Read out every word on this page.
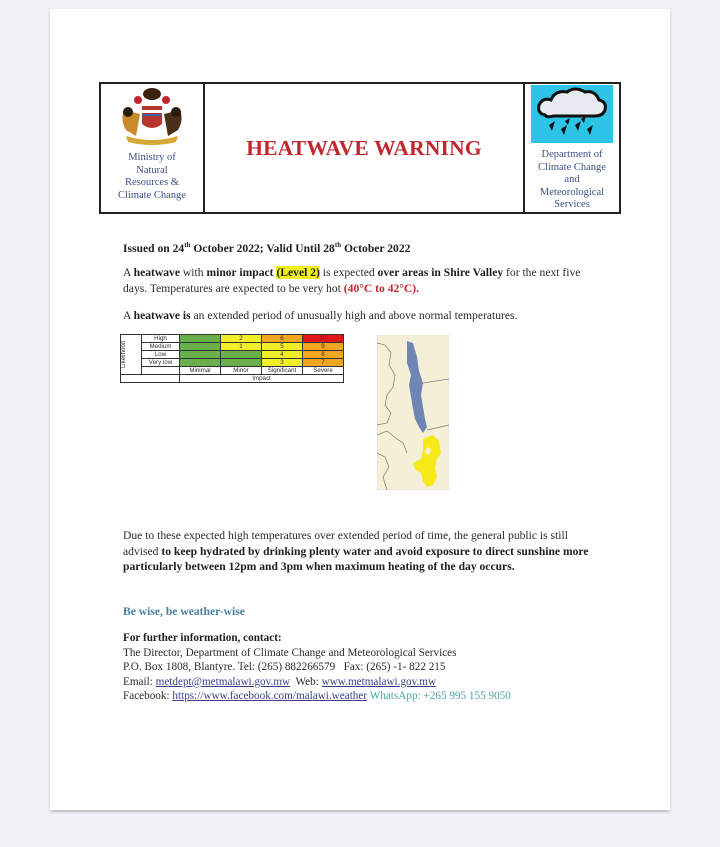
Ministry of
Natural
Resources &
Climate Change
HEATWAVE WARNING	Department of
Climate Change
and
Meteorological
Services
Issued on 24th October 2022; Valid Until 28th October 2022
A heatwave with minor impact (Level 2) is expected over areas in Shire Valley for the next five days. Temperatures are expected to be very hot (40°C to 42°C).
A heatwave is an extended period of unusually high and above normal temperatures.
Likelihood	High		2	6	10
	Medium		1	5	9
	Low			4	8
	Very low			3	7
		Minimal	Minor	Significant	Severe
		Impact			
Due to these expected high temperatures over extended period of time, the general public is still advised to keep hydrated by drinking plenty water and avoid exposure to direct sunshine more particularly between 12pm and 3pm when maximum heating of the day occurs.
Be wise, be weather-wise
For further information, contact:
The Director, Department of Climate Change and Meteorological Services
P.O. Box 1808, Blantyre. Tel: (265) 882266579   Fax: (265) -1- 822 215
Email: metdept@metmalawi.gov.mw  Web: www.metmalawi.gov.mw
Facebook: https://www.facebook.com/malawi.weather WhatsApp: +265 995 155 9050
